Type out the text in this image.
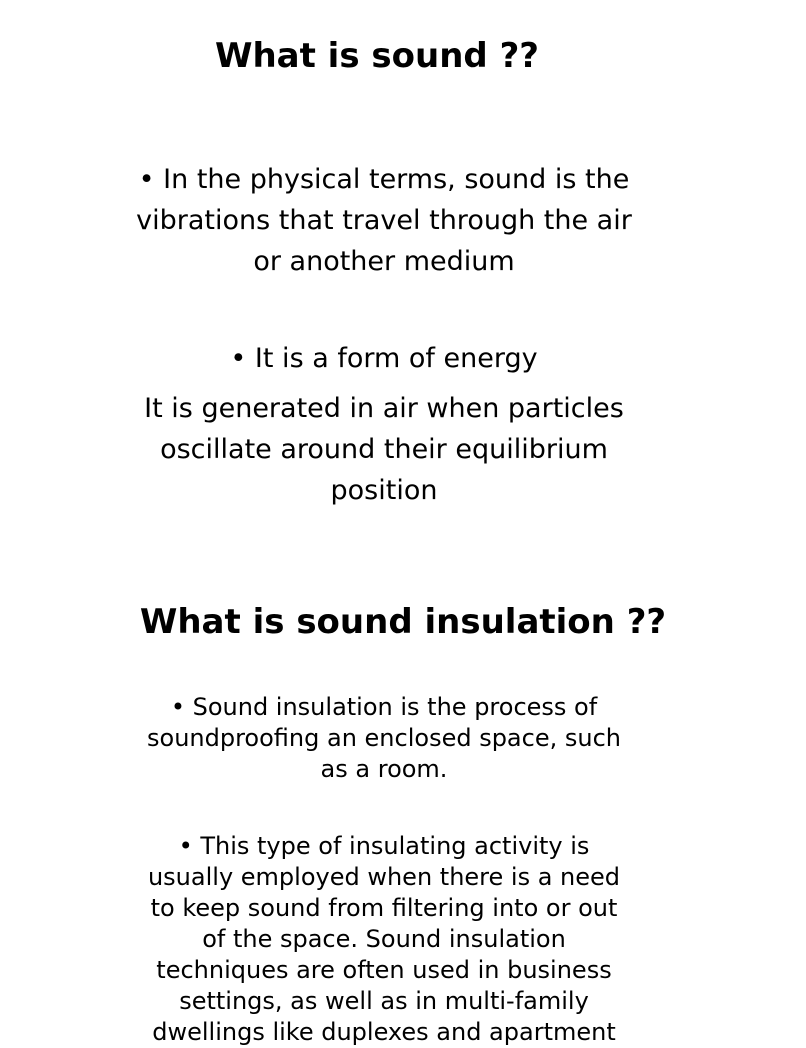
What is sound ??
• In the physical terms, sound is the
vibrations that travel through the air
or another medium
• It is a form of energy
It is generated in air when particles
oscillate around their equilibrium
position
What is sound insulation ??
• Sound insulation is the process of
soundproofing an enclosed space, such
as a room.
• This type of insulating activity is
usually employed when there is a need
to keep sound from filtering into or out
of the space. Sound insulation
techniques are often used in business
settings, as well as in multi-family
dwellings like duplexes and apartment
